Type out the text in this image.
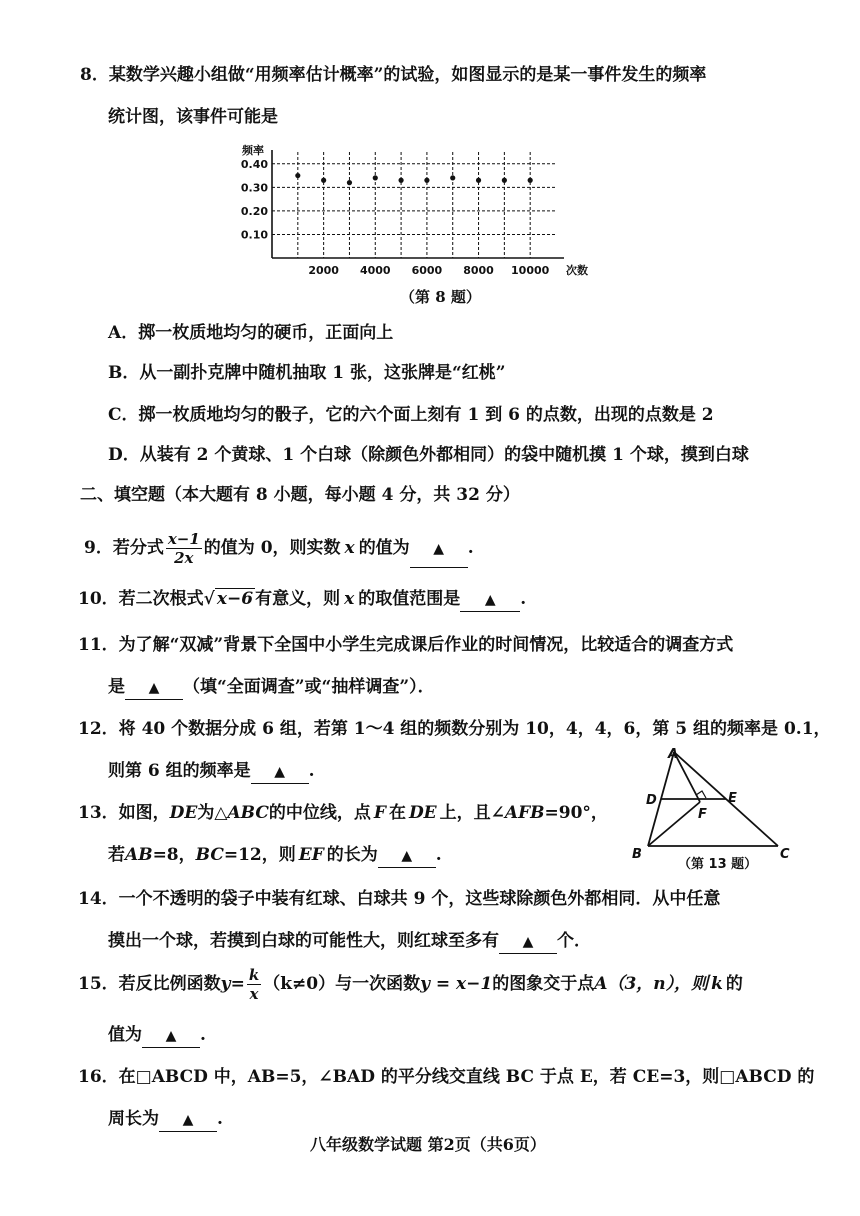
8．某数学兴趣小组做“用频率估计概率”的试验，如图显示的是某一事件发生的频率
统计图，该事件可能是
0.40
0.30
0.20
0.10
2000 4000 6000 8000 10000
频率
次数
（第 8 题）
A．掷一枚质地均匀的硬币，正面向上
B．从一副扑克牌中随机抽取 1 张，这张牌是“红桃”
C．掷一枚质地均匀的骰子，它的六个面上刻有 1 到 6 的点数，出现的点数是 2
D．从装有 2 个黄球、1 个白球（除颜色外都相同）的袋中随机摸 1 个球，摸到白球
二、填空题（本大题有 8 小题，每小题 4 分，共 32 分）
9．若分式 $\frac{x-1}{2x}$ 的值为 0，则实数 x 的值为 ▲ .
10．若二次根式√ x−6 有意义，则 x 的取值范围是 ▲ .
11．为了解“双减”背景下全国中小学生完成课后作业的时间情况，比较适合的调查方式
是 ▲ （填“全面调查”或“抽样调查”）．
12．将 40 个数据分成 6 组，若第 1～4 组的频数分别为 10，4，4，6，第 5 组的频率是 0.1，
则第 6 组的频率是 ▲ .
13．如图，DE为△ABC的中位线，点 F 在 DE 上，且∠AFB=90°，
若AB=8，BC=12，则 EF 的长为 ▲ .
A
D	E
F
B	C
（第 13 题）
14．一个不透明的袋子中装有红球、白球共 9 个，这些球除颜色外都相同．从中任意
摸出一个球，若摸到白球的可能性大，则红球至多有 ▲ 个．
15．若反比例函数$y= \frac{k}{x} (k\ne 0)$与一次函数y = x−1的图象交于点A（3，n），则 k 的
值为 ▲ .
16．在□ABCD 中，AB=5，∠BAD 的平分线交直线 BC 于点 E，若 CE=3，则□ABCD 的
周长为 ▲ .
八年级数学试题 第2页（共6页）
